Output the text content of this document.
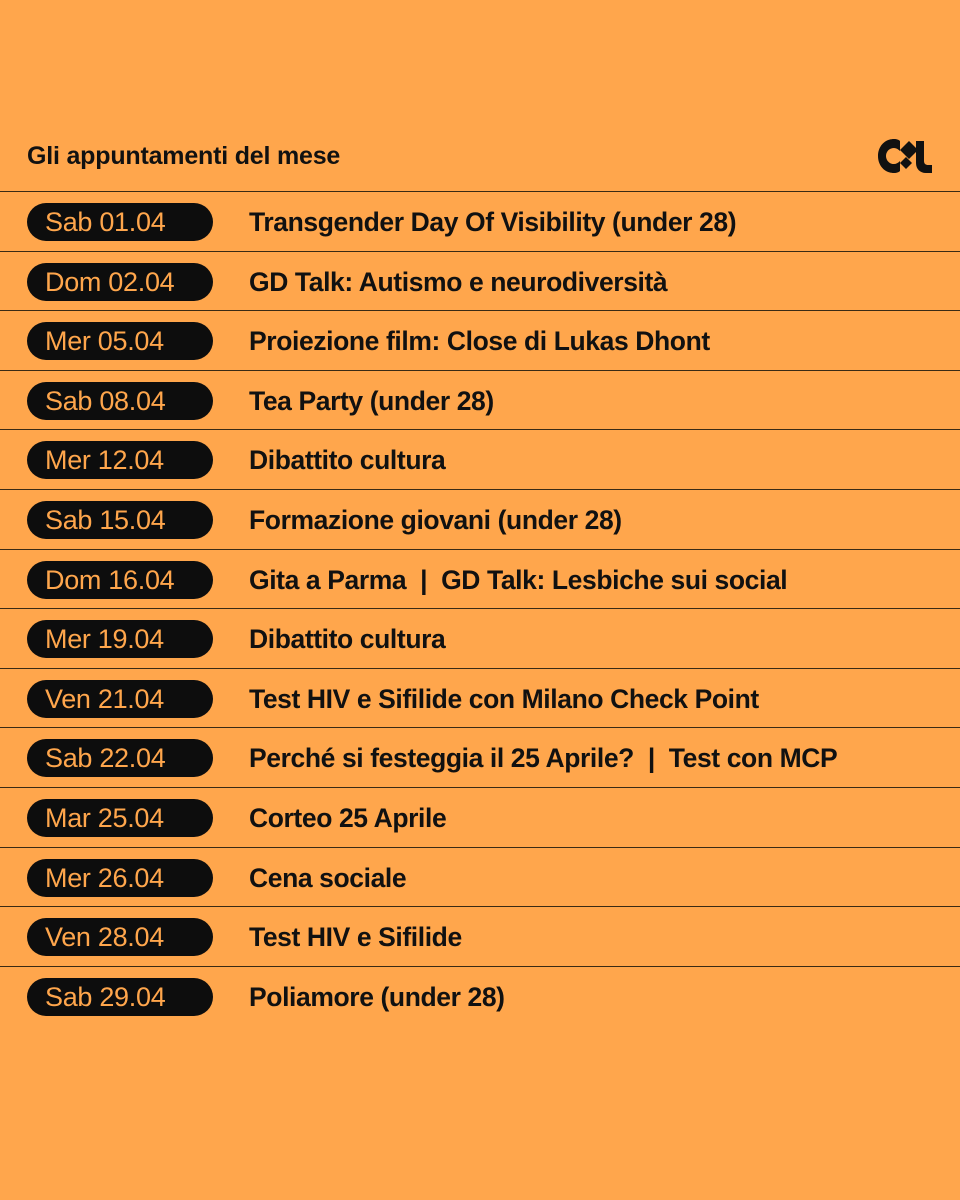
Gli appuntamenti del mese
Sab 01.04	Transgender Day Of Visibility (under 28)
Dom 02.04	GD Talk: Autismo e neurodiversità
Mer 05.04	Proiezione film: Close di Lukas Dhont
Sab 08.04	Tea Party (under 28)
Mer 12.04	Dibattito cultura
Sab 15.04	Formazione giovani (under 28)
Dom 16.04	Gita a Parma  |  GD Talk: Lesbiche sui social
Mer 19.04	Dibattito cultura
Ven 21.04	Test HIV e Sifilide con Milano Check Point
Sab 22.04	Perché si festeggia il 25 Aprile?  |  Test con MCP
Mar 25.04	Corteo 25 Aprile
Mer 26.04	Cena sociale
Ven 28.04	Test HIV e Sifilide
Sab 29.04	Poliamore (under 28)
